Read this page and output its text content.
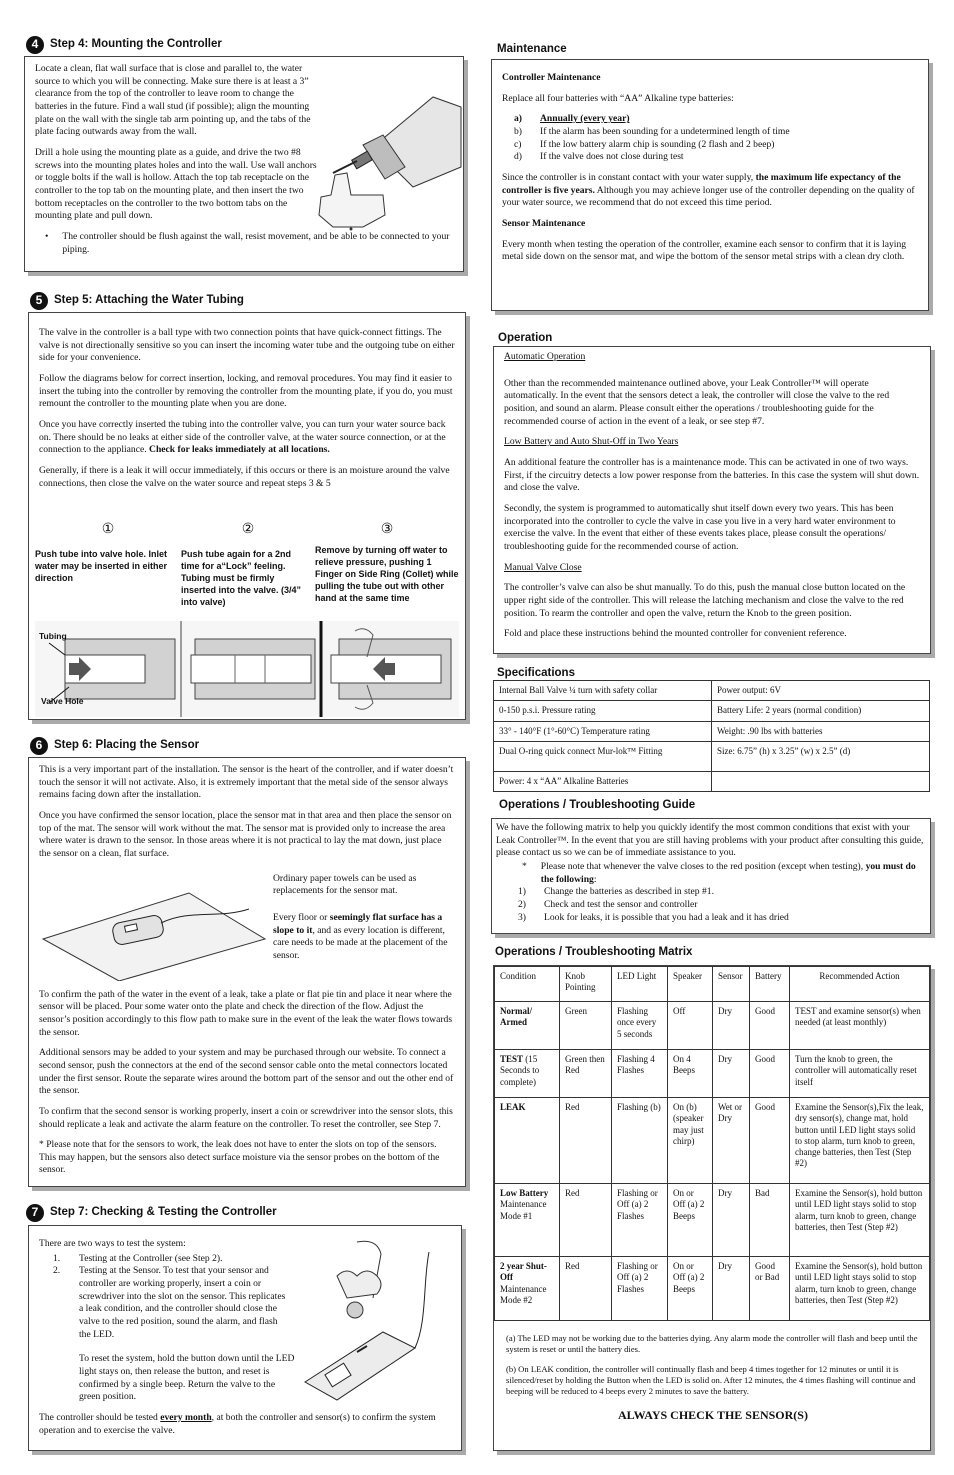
4	Step 4: Mounting the Controller

Locate a clean, flat wall surface that is close and parallel to, the water source to which you will be connecting. Make sure there is at least a 3” clearance from the top of the controller to leave room to change the batteries in the future. Find a wall stud (if possible); align the mounting plate on the wall with the single tab arm pointing up, and the tabs of the plate facing outwards away from the wall.

Drill a hole using the mounting plate as a guide, and drive the two #8 screws into the mounting plates holes and into the wall. Use wall anchors or toggle bolts if the wall is hollow. Attach the top tab receptacle on the controller to the top tab on the mounting plate, and then insert the two bottom receptacles on the controller to the two bottom tabs on the mounting plate and pull down.

• The controller should be flush against the wall, resist movement, and be able to be connected to your piping.
5	Step 5: Attaching the Water Tubing

The valve in the controller is a ball type with two connection points that have quick-connect fittings. The valve is not directionally sensitive so you can insert the incoming water tube and the outgoing tube on either side for your convenience.

Follow the diagrams below for correct insertion, locking, and removal procedures. You may find it easier to insert the tubing into the controller by removing the controller from the mounting plate, if you do, you must remount the controller to the mounting plate when you are done.

Once you have correctly inserted the tubing into the controller valve, you can turn your water source back on. There should be no leaks at either side of the controller valve, at the water source connection, or at the connection to the appliance. Check for leaks immediately at all locations.

Generally, if there is a leak it will occur immediately, if this occurs or there is an moisture around the valve connections, then close the valve on the water source and repeat steps 3 & 5

①
Push tube into valve hole. Inlet water may be inserted in either direction
②
Push tube again for a 2nd time for a“Lock” feeling. Tubing must be firmly inserted into the valve. (3/4” into valve)
③
Remove by turning off water to relieve pressure, pushing 1 Finger on Side Ring (Collet) while pulling the tube out with other hand at the same time
Tubing
Valve Hole
6	Step 6: Placing the Sensor

This is a very important part of the installation. The sensor is the heart of the controller, and if water doesn’t touch the sensor it will not activate. Also, it is extremely important that the metal side of the sensor always remains facing down after the installation.

Once you have confirmed the sensor location, place the sensor mat in that area and then place the sensor on top of the mat. The sensor will work without the mat. The sensor mat is provided only to increase the area where water is drawn to the sensor. In those areas where it is not practical to lay the mat down, just place the sensor on a clean, flat surface.

Ordinary paper towels can be used as replacements for the sensor mat.

Every floor or seemingly flat surface has a slope to it, and as every location is different, care needs to be made at the placement of the sensor.

To confirm the path of the water in the event of a leak, take a plate or flat pie tin and place it near where the sensor will be placed. Pour some water onto the plate and check the direction of the flow. Adjust the sensor’s position accordingly to this flow path to make sure in the event of the leak the water flows towards the sensor.

Additional sensors may be added to your system and may be purchased through our website. To connect a second sensor, push the connectors at the end of the second sensor cable onto the metal connectors located under the first sensor. Route the separate wires around the bottom part of the sensor and out the other end of the sensor.

To confirm that the second sensor is working properly, insert a coin or screwdriver into the sensor slots, this should replicate a leak and activate the alarm feature on the controller. To reset the controller, see Step 7.

* Please note that for the sensors to work, the leak does not have to enter the slots on top of the sensors. This may happen, but the sensors also detect surface moisture via the sensor probes on the bottom of the sensor.

7	Step 7: Checking & Testing the Controller

There are two ways to test the system:

1.	Testing at the Controller (see Step 2).
2.	Testing at the Sensor. To test that your sensor and controller are working properly, insert a coin or screwdriver into the slot on the sensor. This replicates a leak condition, and the controller should close the valve to the red position, sound the alarm, and flash the LED.

To reset the system, hold the button down until the LED light stays on, then release the button, and reset is confirmed by a single beep. Return the valve to the green position.

The controller should be tested every month, at both the controller and sensor(s) to confirm the system operation and to exercise the valve.

Maintenance

Controller Maintenance

Replace all four batteries with “AA” Alkaline type batteries:

a)	Annually (every year)
b)	If the alarm has been sounding for a undetermined length of time
c)	If the low battery alarm chip is sounding (2 flash and 2 beep)
d)	If the valve does not close during test

Since the controller is in constant contact with your water supply, the maximum life expectancy of the controller is five years. Although you may achieve longer use of the controller depending on the quality of your water source, we recommend that do not exceed this time period.

Sensor Maintenance

Every month when testing the operation of the controller, examine each sensor to confirm that it is laying metal side down on the sensor mat, and wipe the bottom of the sensor metal strips with a clean dry cloth.

Operation

Automatic Operation

Other than the recommended maintenance outlined above, your Leak Controller™ will operate automatically. In the event that the sensors detect a leak, the controller will close the valve to the red position, and sound an alarm. Please consult either the operations / troubleshooting guide for the recommended course of action in the event of a leak, or see step #7.

Low Battery and Auto Shut-Off in Two Years

An additional feature the controller has is a maintenance mode. This can be activated in one of two ways. First, if the circuitry detects a low power response from the batteries. In this case the system will shut down. and close the valve.

Secondly, the system is programmed to automatically shut itself down every two years. This has been incorporated into the controller to cycle the valve in case you live in a very hard water environment to exercise the valve. In the event that either of these events takes place, please consult the operations/ troubleshooting guide for the recommended course of action.

Manual Valve Close

The controller’s valve can also be shut manually. To do this, push the manual close button located on the upper right side of the controller. This will release the latching mechanism and close the valve to the red position. To rearm the controller and open the valve, return the Knob to the green position.

Fold and place these instructions behind the mounted controller for convenient reference.

Specifications
Internal Ball Valve ¼ turn with safety collar	Power output: 6V
0-150 p.s.i. Pressure rating	Battery Life: 2 years (normal condition)
33° - 140°F (1°-60°C) Temperature rating	Weight: .90 lbs with batteries
Dual O-ring quick connect Mur-lok™ Fitting	Size: 6.75” (h) x 3.25” (w) x 2.5” (d)
Power: 4 x “AA” Alkaline Batteries	
Operations / Troubleshooting Guide

We have the following matrix to help you quickly identify the most common conditions that exist with your Leak Controller™. In the event that you are still having problems with your product after consulting this guide, please contact us so we can be of immediate assistance to you.

* Please note that whenever the valve closes to the red position (except when testing), you must do the following:
1)	Change the batteries as described in step #1.
2)	Check and test the sensor and controller
3)	Look for leaks, it is possible that you had a leak and it has dried
Operations / Troubleshooting Matrix
Condition	Knob Pointing	LED Light	Speaker	Sensor	Battery	Recommended Action
Normal/ Armed	Green	Flashing once every 5 seconds	Off	Dry	Good	TEST and examine sensor(s) when needed (at least monthly)
TEST (15 Seconds to complete)	Green then Red	Flashing 4 Flashes	On 4 Beeps	Dry	Good	Turn the knob to green, the controller will automatically reset itself
LEAK	Red	Flashing (b)	On (b) (speaker may just chirp)	Wet or Dry	Good	Examine the Sensor(s),Fix the leak, dry sensor(s), change mat, hold button until LED light stays solid to stop alarm, turn knob to green, change batteries, then Test (Step #2)
Low Battery Maintenance Mode #1	Red	Flashing or Off (a) 2 Flashes	On or Off (a) 2 Beeps	Dry	Bad	Examine the Sensor(s), hold button until LED light stays solid to stop alarm, turn knob to green, change batteries, then Test (Step #2)
2 year Shut-Off Maintenance Mode #2	Red	Flashing or Off (a) 2 Flashes	On or Off (a) 2 Beeps	Dry	Good or Bad	Examine the Sensor(s), hold button until LED light stays solid to stop alarm, turn knob to green, change batteries, then Test (Step #2)

(a) The LED may not be working due to the batteries dying. Any alarm mode the controller will flash and beep until the system is reset or until the battery dies.

(b) On LEAK condition, the controller will continually flash and beep 4 times together for 12 minutes or until it is silenced/reset by holding the Button when the LED is solid on. After 12 minutes, the 4 times flashing will continue and beeping will be reduced to 4 beeps every 2 minutes to save the battery.

ALWAYS CHECK THE SENSOR(S)
